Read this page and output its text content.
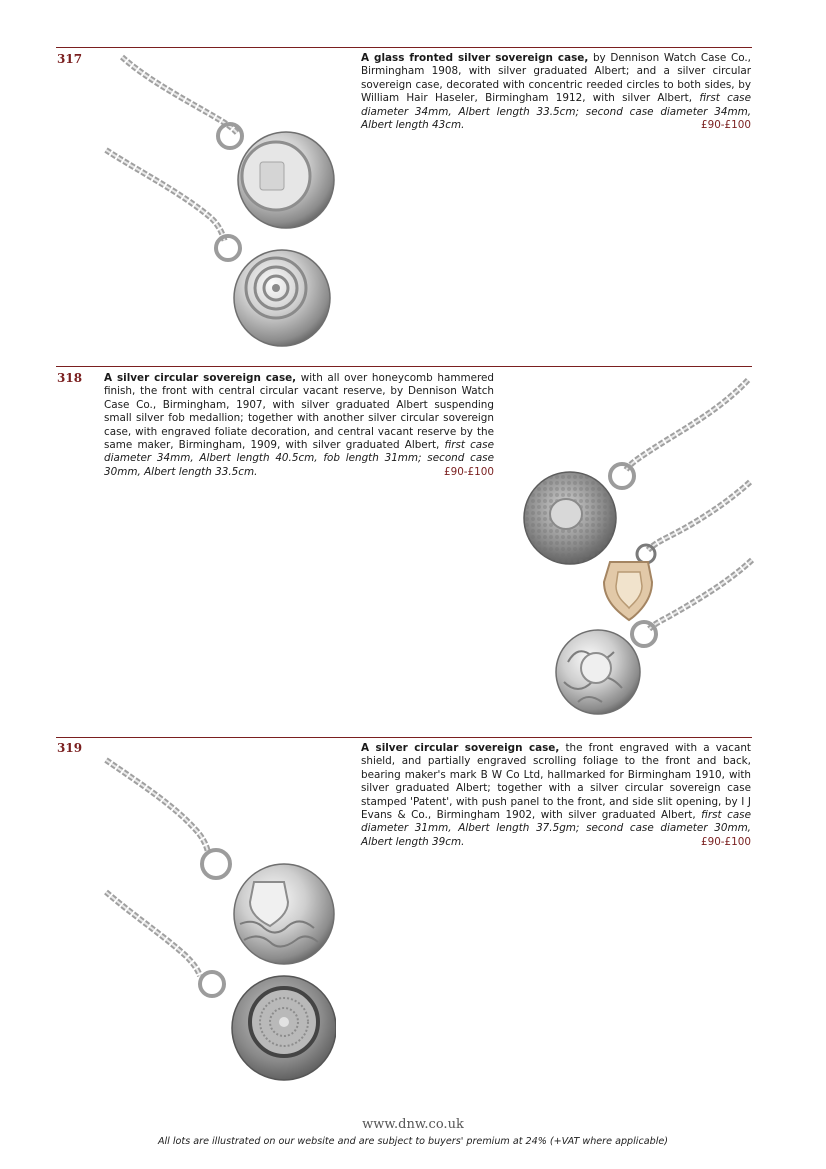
317	A glass fronted silver sovereign case, by Dennison Watch Case Co., Birmingham 1908, with silver graduated Albert; and a silver circular sovereign case, decorated with concentric reeded circles to both sides, by William Hair Haseler, Birmingham 1912, with silver Albert, first case diameter 34mm, Albert length 33.5cm; second case diameter 34mm, Albert length 43cm.	£90-£100
318 A silver circular sovereign case, with all over honeycomb hammered finish, the front with central circular vacant reserve, by Dennison Watch Case Co., Birmingham, 1907, with silver graduated Albert suspending small silver fob medallion; together with another silver circular sovereign case, with engraved foliate decoration, and central vacant reserve by the same maker, Birmingham, 1909, with silver graduated Albert, first case diameter 34mm, Albert length 40.5cm, fob length 31mm; second case 30mm, Albert length 33.5cm.	£90-£100
319	A silver circular sovereign case, the front engraved with a vacant shield, and partially engraved scrolling foliage to the front and back, bearing maker's mark B W Co Ltd, hallmarked for Birmingham 1910, with silver graduated Albert; together with a silver circular sovereign case stamped 'Patent', with push panel to the front, and side slit opening, by I J Evans & Co., Birmingham 1902, with silver graduated Albert, first case diameter 31mm, Albert length 37.5gm; second case diameter 30mm, Albert length 39cm.	£90-£100
www.dnw.co.uk
All lots are illustrated on our website and are subject to buyers' premium at 24% (+VAT where applicable)
